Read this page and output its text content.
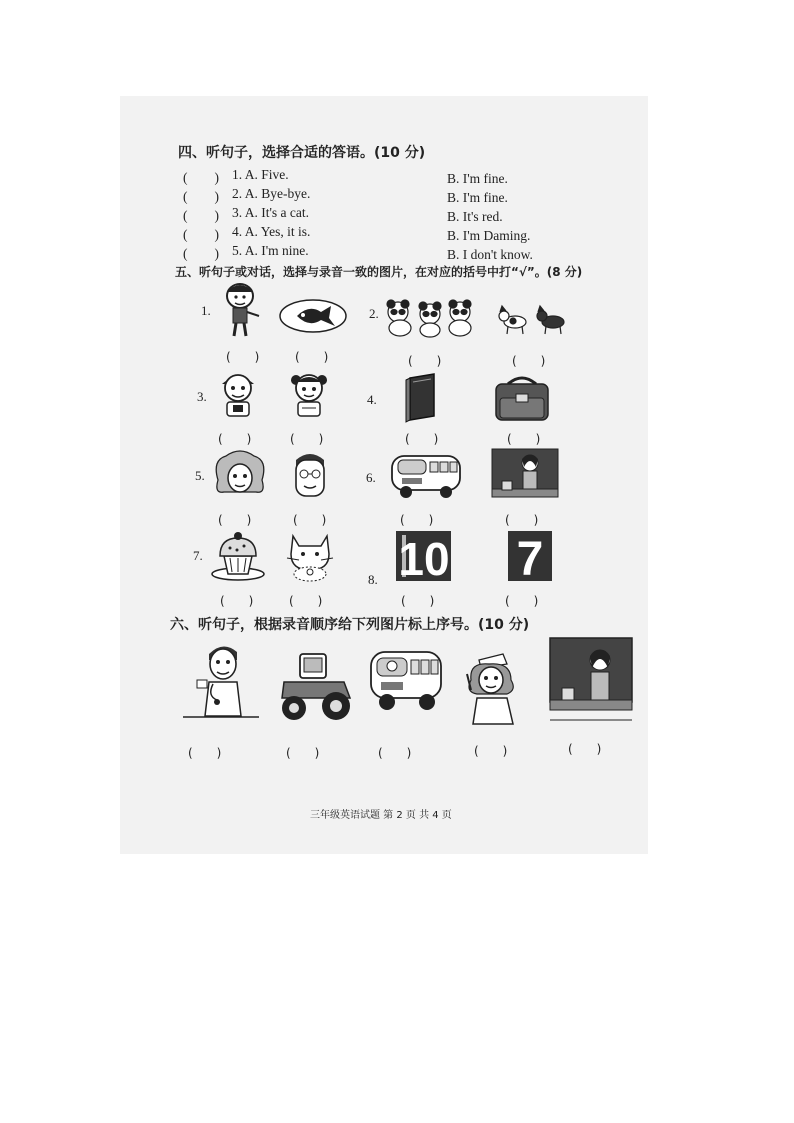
四、听句子，选择合适的答语。(10 分)
(　　) 1. A. Five.	B. I'm fine.
(　　) 2. A. Bye-bye.	B. I'm fine.
(　　) 3. A. It's a cat.	B. It's red.
(　　) 4. A. Yes, it is.	B. I'm Daming.
(　　) 5. A. I'm nine.	B. I don't know.
五、听句子或对话，选择与录音一致的图片，在对应的括号中打“√”。(8 分)
1.	2.
(　　)	(　　)	(　　)	(　　)
3.	4.
(　　)	(　　)	(　　)	(　　)
5.	6.
(　　)	(　　)	(　　)	(　　)
7.
8. 10 7
(　　)	(　　)	(　　)	(　　)
六、听句子，根据录音顺序给下列图片标上序号。(10 分)
(　　)	(　　)	(　　)	(　　)	(　　)
三年级英语试题 第 2 页 共 4 页
